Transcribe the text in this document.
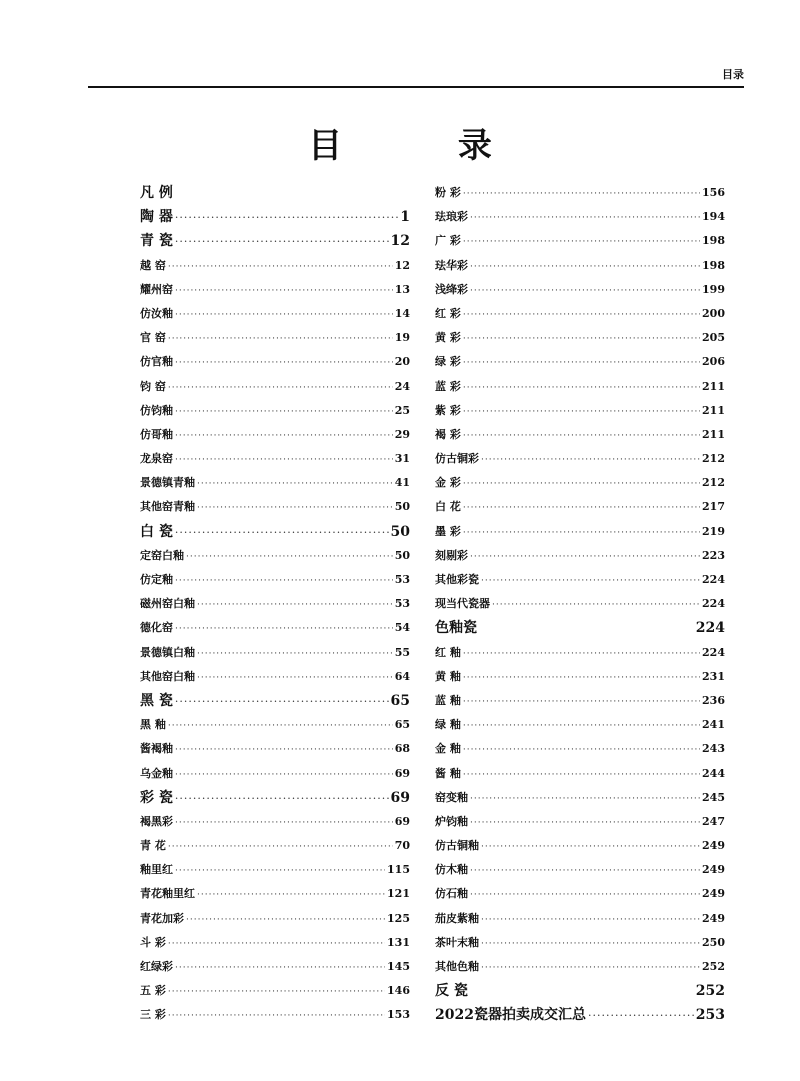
目录
目 录
凡 例
陶 器 ·····	1
青 瓷 ·····	12
越 窑 ·····	12
耀州窑 ·····	13
仿汝釉 ·····	14
官 窑 ·····	19
仿官釉 ·····	20
钧 窑 ·····	24
仿钧釉 ·····	25
仿哥釉 ·····	29
龙泉窑 ·····	31
景德镇青釉 ·····	41
其他窑青釉 ·····	50
白 瓷 ·····	50
定窑白釉 ·····	50
仿定釉 ·····	53
磁州窑白釉 ·····	53
德化窑 ·····	54
景德镇白釉 ·····	55
其他窑白釉 ·····	64
黑 瓷 ·····	65
黑 釉 ·····	65
酱褐釉 ·····	68
乌金釉 ·····	69
彩 瓷 ·····	69
褐黑彩 ·····	69
青 花 ·····	70
釉里红 ·····	115
青花釉里红 ·····	121
青花加彩 ·····	125
斗 彩 ·····	131
红绿彩 ·····	145
五 彩 ·····	146
三 彩 ·····	153
粉 彩 ·····	156
珐琅彩 ·····	194
广 彩 ·····	198
珐华彩 ·····	198
浅绛彩 ·····	199
红 彩 ·····	200
黄 彩 ·····	205
绿 彩 ·····	206
蓝 彩 ·····	211
紫 彩 ·····	211
褐 彩 ·····	211
仿古铜彩 ·····	212
金 彩 ·····	212
白 花 ·····	217
墨 彩 ·····	219
刻剔彩 ·····	223
其他彩瓷 ·····	224
现当代瓷器 ·····	224
色釉瓷	224
红 釉 ·····	224
黄 釉 ·····	231
蓝 釉 ·····	236
绿 釉 ·····	241
金 釉 ·····	243
酱 釉 ·····	244
窑变釉 ·····	245
炉钧釉 ·····	247
仿古铜釉 ·····	249
仿木釉 ·····	249
仿石釉 ·····	249
茄皮紫釉 ·····	249
茶叶末釉 ·····	250
其他色釉 ·····	252
反 瓷	252
2022瓷器拍卖成交汇总 ·····	253
